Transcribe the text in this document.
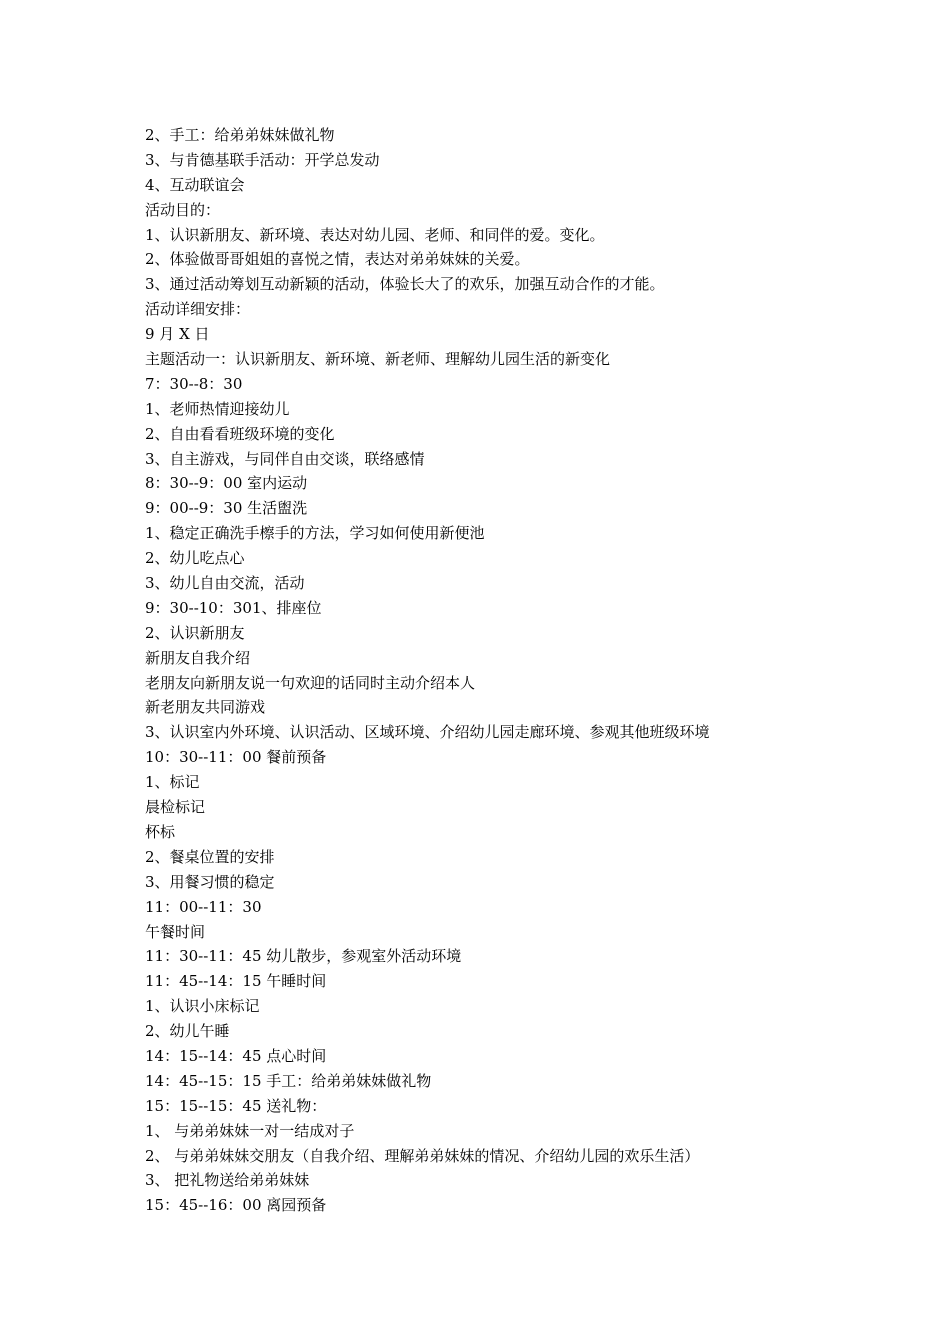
2、手工：给弟弟妹妹做礼物

3、与肯德基联手活动：开学总发动

4、互动联谊会

活动目的：

1、认识新朋友、新环境、表达对幼儿园、老师、和同伴的爱。变化。

2、体验做哥哥姐姐的喜悦之情，表达对弟弟妹妹的关爱。

3、通过活动筹划互动新颖的活动，体验长大了的欢乐，加强互动合作的才能。

活动详细安排：

9 月 X 日

主题活动一：认识新朋友、新环境、新老师、理解幼儿园生活的新变化

7：30--8：30

1、老师热情迎接幼儿

2、自由看看班级环境的变化

3、自主游戏，与同伴自由交谈，联络感情

8：30--9：00 室内运动

9：00--9：30 生活盥洗

1、稳定正确洗手檫手的方法，学习如何使用新便池

2、幼儿吃点心

3、幼儿自由交流，活动

9：30--10：301、排座位

2、认识新朋友

新朋友自我介绍

老朋友向新朋友说一句欢迎的话同时主动介绍本人

新老朋友共同游戏

3、认识室内外环境、认识活动、区域环境、介绍幼儿园走廊环境、参观其他班级环境

10：30--11：00 餐前预备

1、标记

晨检标记

杯标

2、餐桌位置的安排

3、用餐习惯的稳定

11：00--11：30

午餐时间

11：30--11：45 幼儿散步，参观室外活动环境

11：45--14：15 午睡时间

1、认识小床标记

2、幼儿午睡

14：15--14：45 点心时间

14：45--15：15 手工：给弟弟妹妹做礼物

15：15--15：45 送礼物：

1、 与弟弟妹妹一对一结成对子

2、 与弟弟妹妹交朋友（自我介绍、理解弟弟妹妹的情况、介绍幼儿园的欢乐生活）

3、 把礼物送给弟弟妹妹

15：45--16：00 离园预备
